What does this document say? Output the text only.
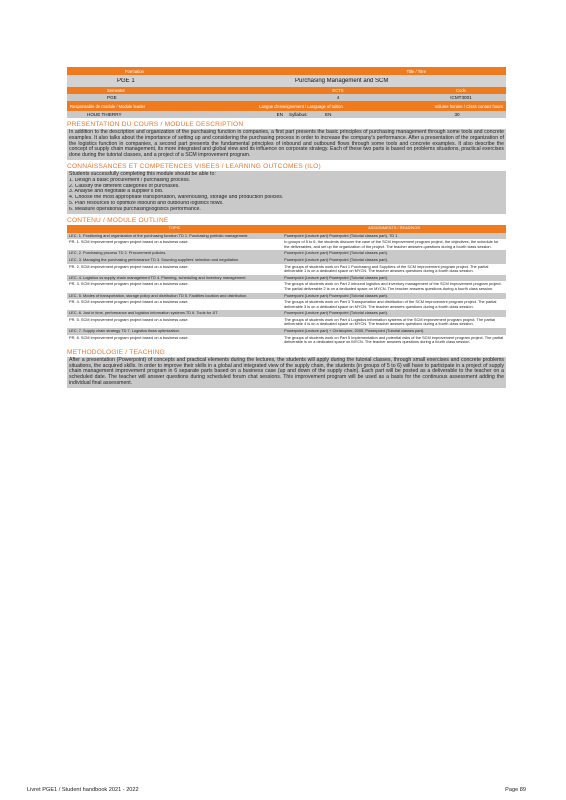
Formation	Title / Titre
PGE 1	Purchasing Management and SCM
Semester	ECTS	Code
PGE	4	ICMT3001
Responsable de module / Module leader	Langue d'enseignement / Language of tuition	Volume horaire / Class contact hours
HOUE THIERRY	EN	Syllabus:	EN	30
PRESENTATION DU COURS / MODULE DESCRIPTION

In addition to the description and organization of the purchasing function in companies, a first part presents the basic principles of purchasing management through some tools and concrete examples. It also talks about the importance of setting up and considering the purchasing process in order to increase the company's performance. After a presentation of the organization of the logistics function in companies, a second part presents the fundamental principles of inbound and outbound flows through some tools and concrete examples. It also describe the concept of supply chain management, its more integrated and global view and its influence on corporate strategy. Each of these two parts is based on problems situations, practical exercises done during the tutorial classes, and a project of a SCM improvement program.

CONNAISSANCES ET COMPETENCES VISEES / LEARNING OUTCOMES (ILO)

Students successfully completing this module should be able to:

1. Design a basic procurement / purchasing process.
2. Classify the different categories of purchases.
3. Analyse and negotiate a supplier's bid.
4. Choose the most appropriate transportation, warehousing, storage and production policies.
5. Plan resources to optimize inbound and outbound logistics flows.
6. Measure operational purchasing/logistics performance.
CONTENU / MODULE OUTLINE
TOPIC	ASSIGNMENTS / READINGS
LEC. 1. Positioning and organization of the purchasing function TD 1. Purchasing portfolio management.	Powerpoint (Lecture part) Powerpoint (Tutorial classes part), TD 1
PR. 1. SCM improvement program project based on a business case.	In groups of 5 to 6, the students discover the case of the SCM improvement program project, the objectives, the schedule for the deliverables, and set up the organization of the project. The teacher answers questions during a fourth class session.
LEC. 2. Purchasing process TD 2. Procurement policies.	Powerpoint (Lecture part) Powerpoint (Tutorial classes part).
LEC. 3. Managing the purchasing performance TD 3. Sourcing suppliers' selection and negotiation.	Powerpoint (Lecture part) Powerpoint (Tutorial classes part).
PR. 2. SCM improvement program project based on a business case.	The groups of students work on Part 1 Purchasing and Suppliers of the SCM improvement program project. The partial deliverable 1 is on a dedicated space on MYCN. The teacher answers questions during a fourth class session.
LEC. 4. Logistics vs supply chain management TD 4. Planning, scheduling and inventory management.	Powerpoint (Lecture part) Powerpoint (Tutorial classes part).
PR. 3. SCM improvement program project based on a business case.	The groups of students work on Part 2 inbound logistics and inventory management of the SCM improvement program project. The partial deliverable 2 is on a dedicated space on MYCN. The teacher answers questions during a fourth class session.
LEC. 5. Modes of transportation, storage policy and distribution TD 5. Facilities location and distribution.	Powerpoint (Lecture part) Powerpoint (Tutorial classes part).
PR. 4. SCM improvement program project based on a business case.	The groups of students work on Part 3 Transportation and distribution of the SCM improvement program project. The partial deliverable 3 is on a dedicated space on MYCN. The teacher answers questions during a fourth class session.
LEC. 6. Just in time, performance and logistics information systems TD 6. Tools for JIT.	Powerpoint (Lecture part) Powerpoint (Tutorial classes part).
PR. 5. SCM improvement program project based on a business case.	The groups of students work on Part 4 Logistics information systems of the SCM improvement program project. The partial deliverable 4 is on a dedicated space on MYCN. The teacher answers questions during a fourth class session.
LEC. 7. Supply chain strategy TD 7. Logistics flows optimization.	Powerpoint (Lecture part) + Christopher, 2000. Powerpoint (Tutorial classes part).
PR. 6. SCM improvement program project based on a business case.	The groups of students work on Part 5 Implementation and potential risks of the SCM improvement program project. The partial deliverable is on a dedicated space on MYCN. The teacher answers questions during a fourth class session.
METHODOLOGIE / TEACHING

After a presentation (Powerpoint) of concepts and practical elements during the lectures, the students will apply during the tutorial classes, through small exercises and concrete problems situations, the acquired skills. In order to improve their skills in a global and integrated view of the supply chain, the students (in groups of 5 to 6) will have to participate in a project of supply chain management improvement program in 6 separate parts based on a business case (up and down of the supply chain). Each part will be posted as a deliverable to the teacher on a scheduled date. The teacher will answer questions during scheduled forum chat sessions. This improvement program will be used as a basis for the continuous assessment adding the individual final assessment.

Livret PGE1 / Student handbook 2021 - 2022	Page 89
